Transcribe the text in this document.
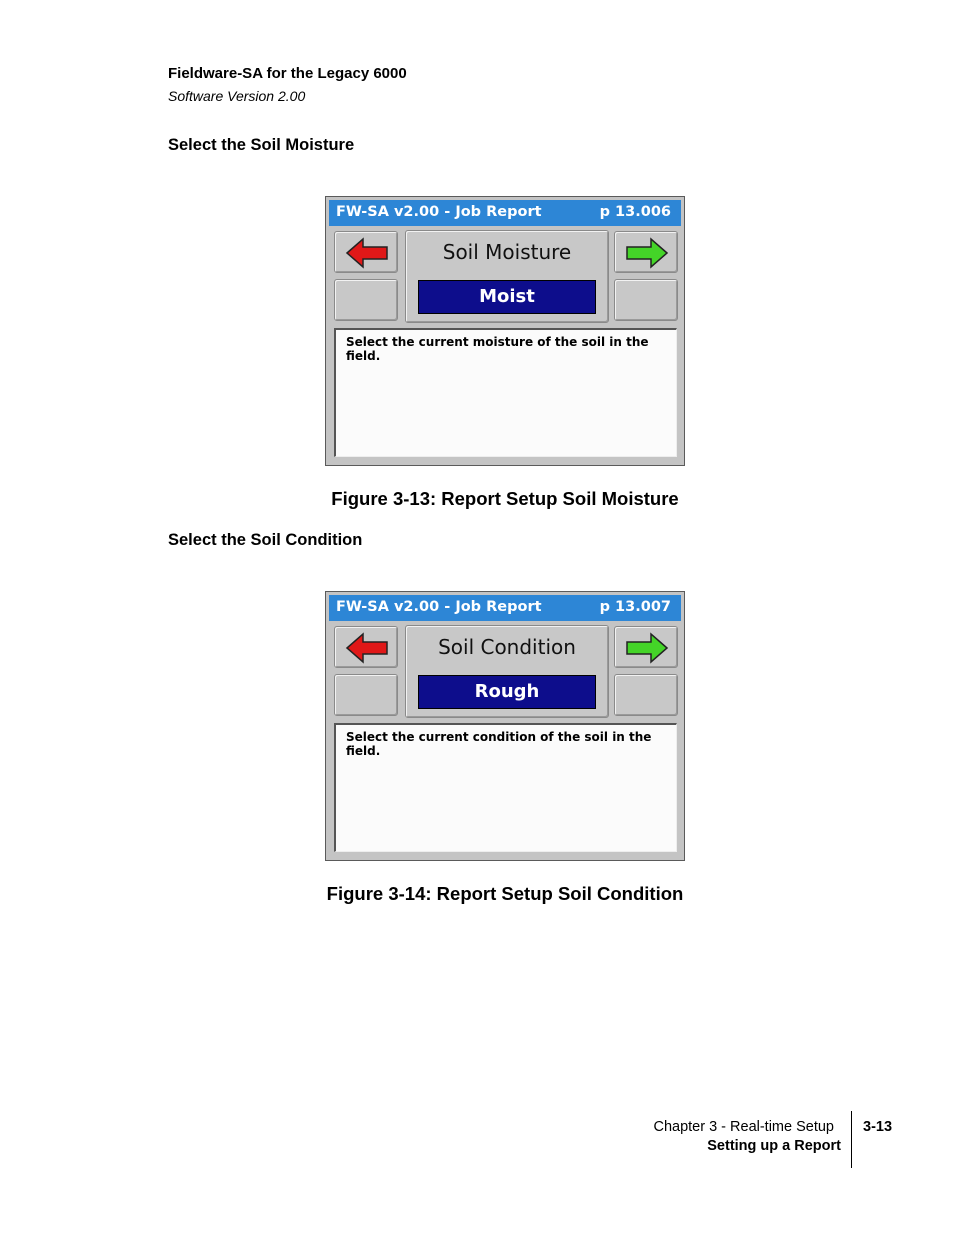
Fieldware-SA for the Legacy 6000
Software Version 2.00
Select the Soil Moisture
FW-SA v2.00 - Job Report	p 13.006
Soil Moisture
Moist
Select the current moisture of the soil in the field.
Figure 3-13: Report Setup Soil Moisture
Select the Soil Condition
FW-SA v2.00 - Job Report	p 13.007
Soil Condition
Rough
Select the current condition of the soil in the field.
Figure 3-14: Report Setup Soil Condition
Chapter 3 - Real-time Setup
Setting up a Report
3-13
